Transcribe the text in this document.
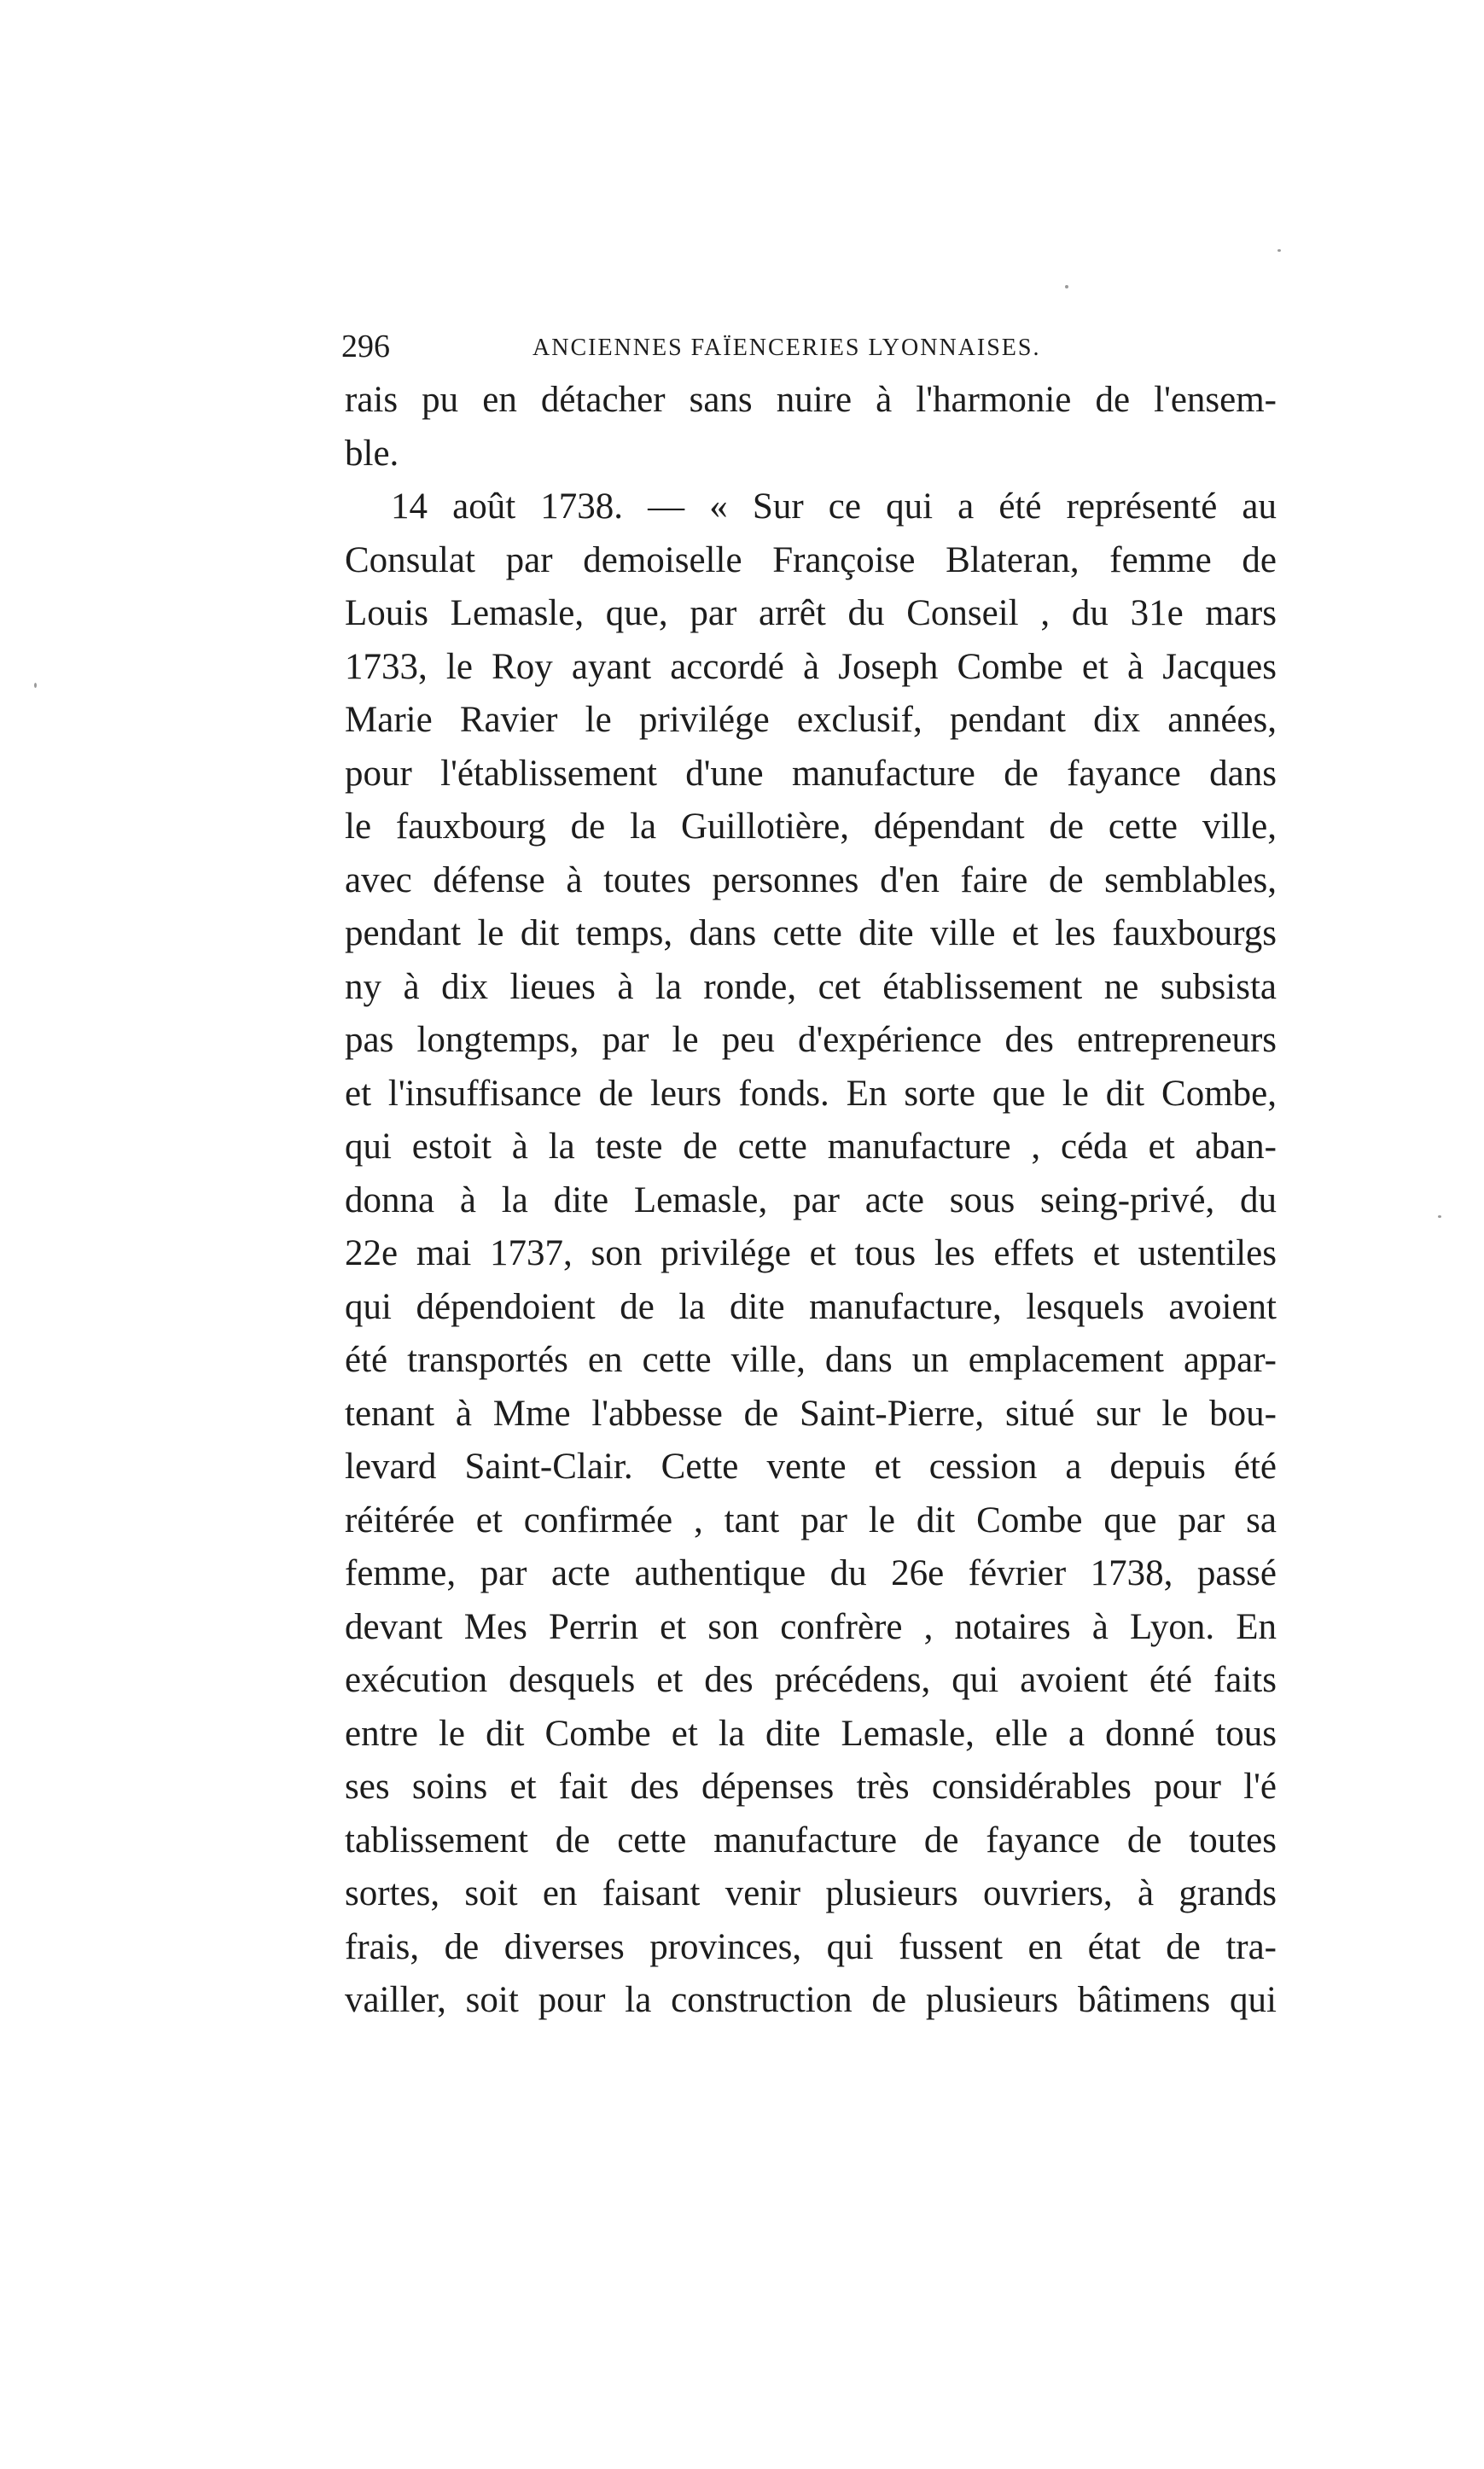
296	ANCIENNES FAÏENCERIES LYONNAISES.
rais pu en détacher sans nuire à l'harmonie de l'ensem-
ble.
14 août 1738. — « Sur ce qui a été représenté au
Consulat par demoiselle Françoise Blateran, femme de
Louis Lemasle, que, par arrêt du Conseil , du 31e mars
1733, le Roy ayant accordé à Joseph Combe et à Jacques
Marie Ravier le privilége exclusif, pendant dix années,
pour l'établissement d'une manufacture de fayance dans
le fauxbourg de la Guillotière, dépendant de cette ville,
avec défense à toutes personnes d'en faire de semblables,
pendant le dit temps, dans cette dite ville et les fauxbourgs
ny à dix lieues à la ronde, cet établissement ne subsista
pas longtemps, par le peu d'expérience des entrepreneurs
et l'insuffisance de leurs fonds. En sorte que le dit Combe,
qui estoit à la teste de cette manufacture , céda et aban-
donna à la dite Lemasle, par acte sous seing-privé, du
22e mai 1737, son privilége et tous les effets et ustentiles
qui dépendoient de la dite manufacture, lesquels avoient
été transportés en cette ville, dans un emplacement appar-
tenant à Mme l'abbesse de Saint-Pierre, situé sur le bou-
levard Saint-Clair. Cette vente et cession a depuis été
réitérée et confirmée , tant par le dit Combe que par sa
femme, par acte authentique du 26e février 1738, passé
devant Mes Perrin et son confrère , notaires à Lyon. En
exécution desquels et des précédens, qui avoient été faits
entre le dit Combe et la dite Lemasle, elle a donné tous
ses soins et fait des dépenses très considérables pour l'é
tablissement de cette manufacture de fayance de toutes
sortes, soit en faisant venir plusieurs ouvriers, à grands
frais, de diverses provinces, qui fussent en état de tra-
vailler, soit pour la construction de plusieurs bâtimens qui
